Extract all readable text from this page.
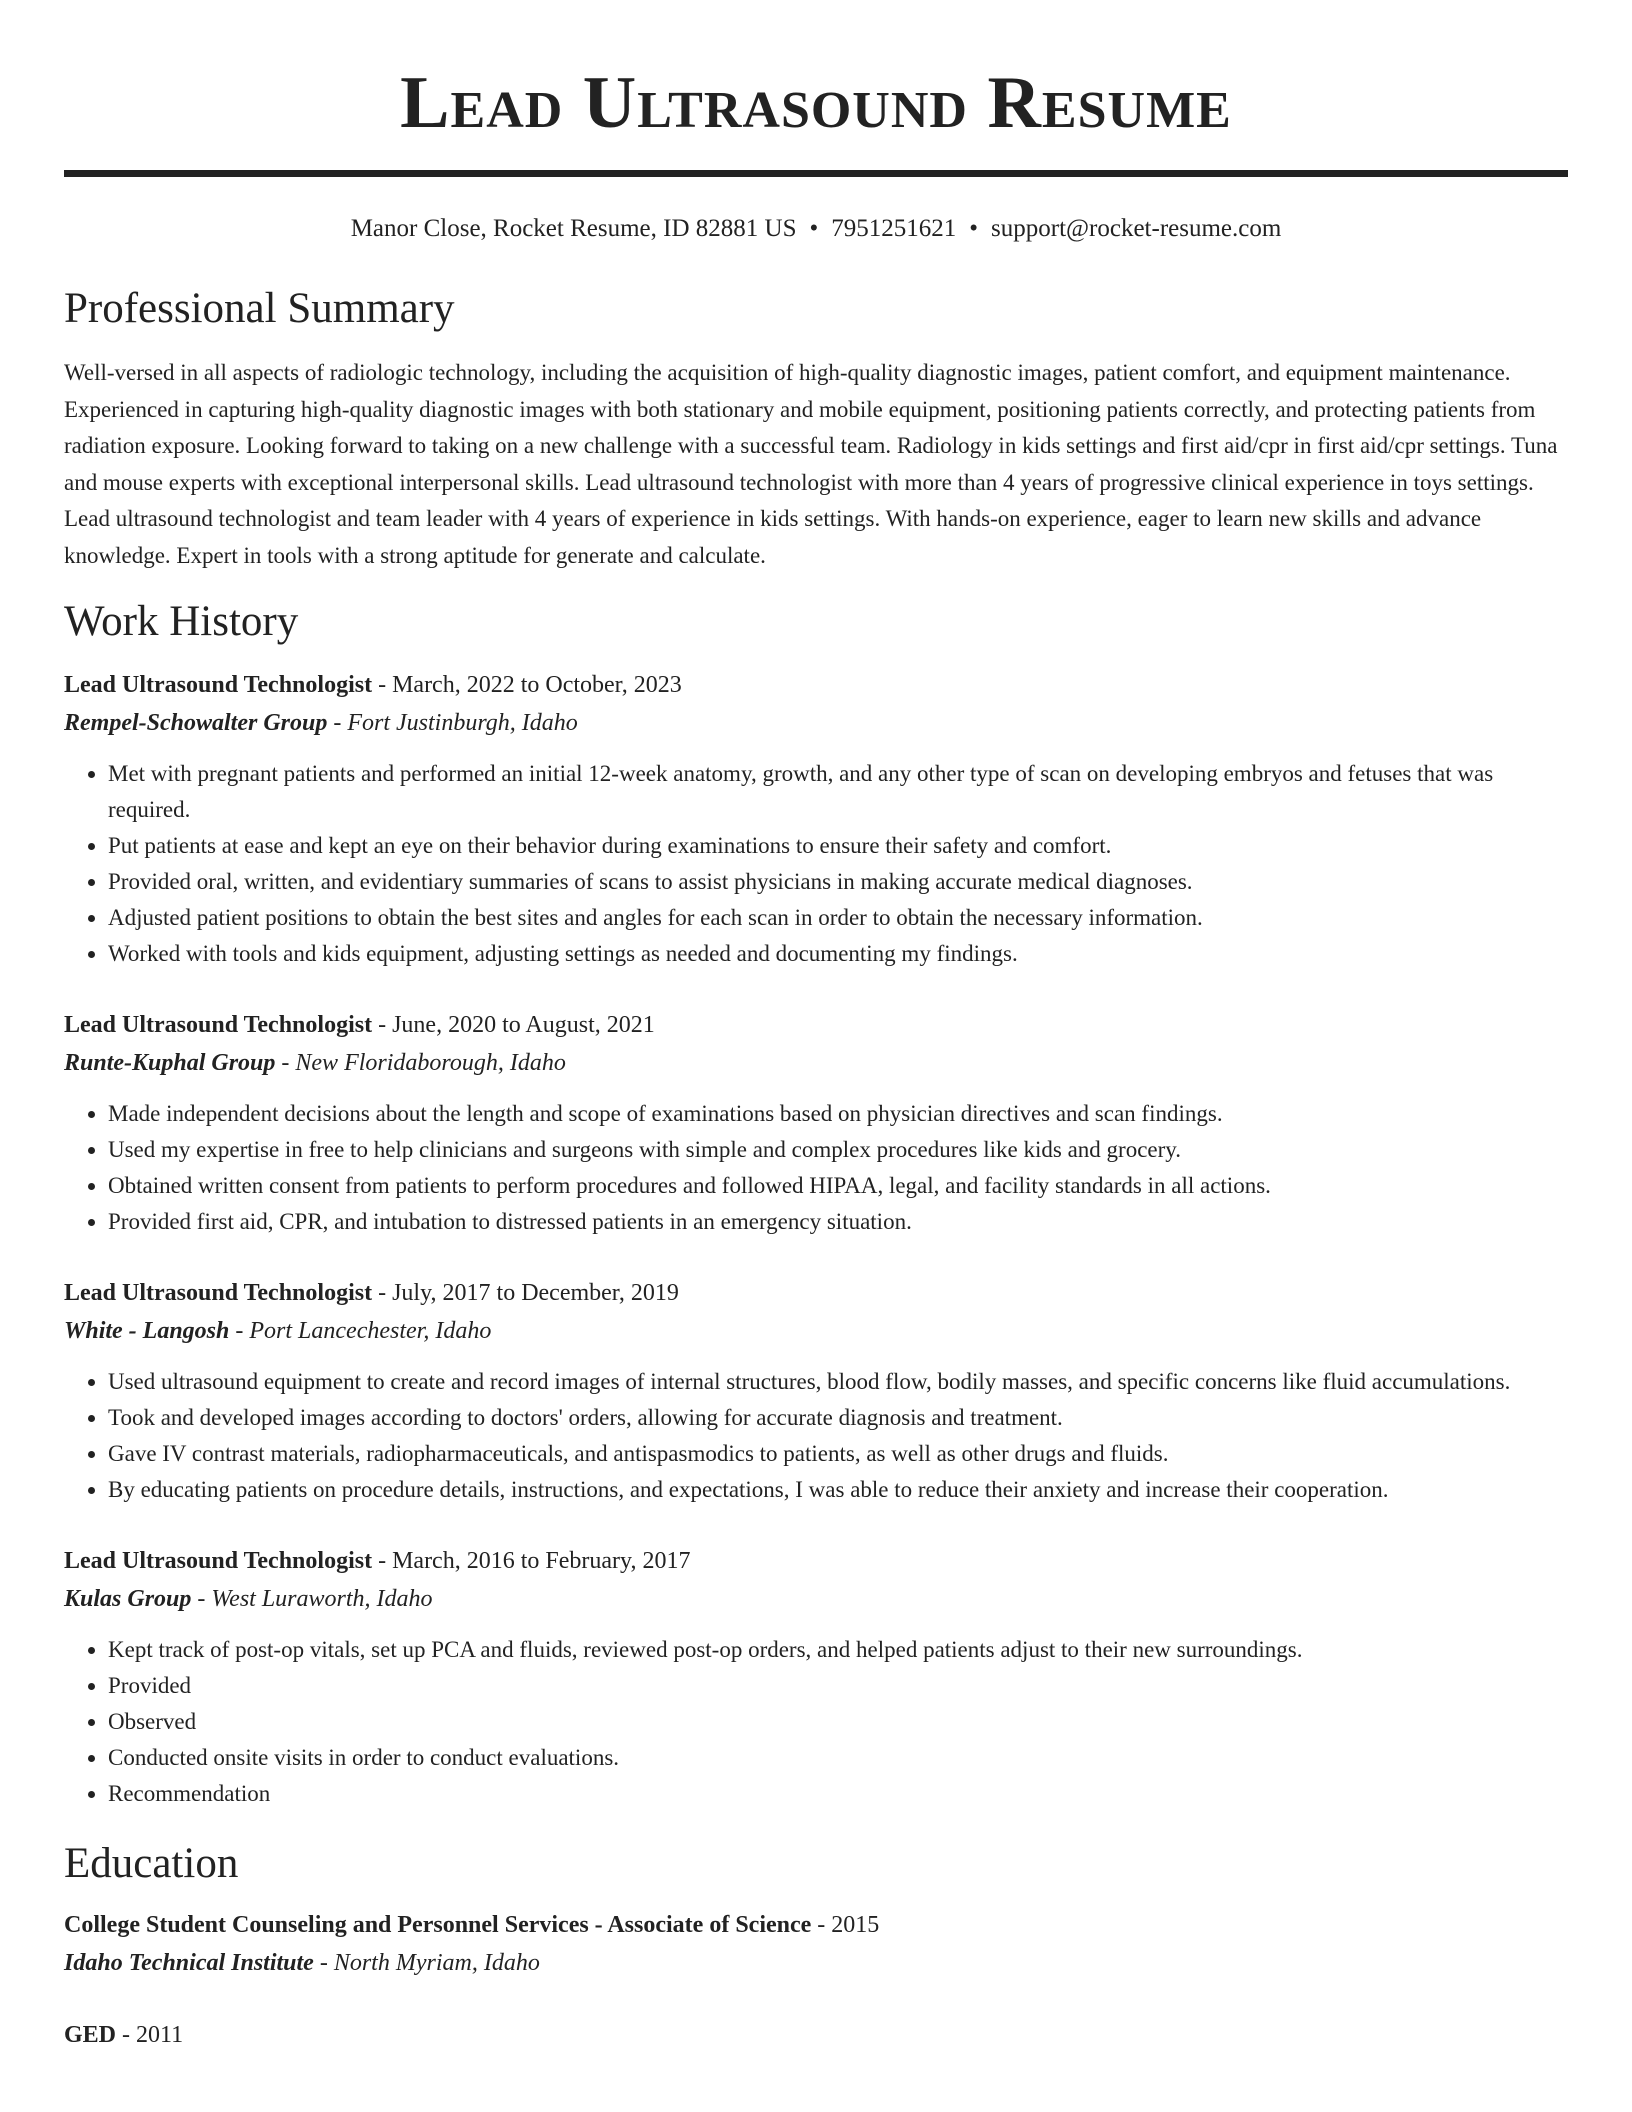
Lead Ultrasound Resume
Manor Close, Rocket Resume, ID 82881 US • 7951251621 • support@rocket-resume.com
Professional Summary

Well-versed in all aspects of radiologic technology, including the acquisition of high-quality diagnostic images, patient comfort, and equipment maintenance. Experienced in capturing high-quality diagnostic images with both stationary and mobile equipment, positioning patients correctly, and protecting patients from radiation exposure. Looking forward to taking on a new challenge with a successful team. Radiology in kids settings and first aid/cpr in first aid/cpr settings. Tuna and mouse experts with exceptional interpersonal skills. Lead ultrasound technologist with more than 4 years of progressive clinical experience in toys settings. Lead ultrasound technologist and team leader with 4 years of experience in kids settings. With hands-on experience, eager to learn new skills and advance knowledge. Expert in tools with a strong aptitude for generate and calculate.

Work History
Lead Ultrasound Technologist - March, 2022 to October, 2023
Rempel-Schowalter Group - Fort Justinburgh, Idaho
• Met with pregnant patients and performed an initial 12-week anatomy, growth, and any other type of scan on developing embryos and fetuses that was required.
• Put patients at ease and kept an eye on their behavior during examinations to ensure their safety and comfort.
• Provided oral, written, and evidentiary summaries of scans to assist physicians in making accurate medical diagnoses.
• Adjusted patient positions to obtain the best sites and angles for each scan in order to obtain the necessary information.
• Worked with tools and kids equipment, adjusting settings as needed and documenting my findings.
Lead Ultrasound Technologist - June, 2020 to August, 2021
Runte-Kuphal Group - New Floridaborough, Idaho
• Made independent decisions about the length and scope of examinations based on physician directives and scan findings.
• Used my expertise in free to help clinicians and surgeons with simple and complex procedures like kids and grocery.
• Obtained written consent from patients to perform procedures and followed HIPAA, legal, and facility standards in all actions.
• Provided first aid, CPR, and intubation to distressed patients in an emergency situation.
Lead Ultrasound Technologist - July, 2017 to December, 2019
White - Langosh - Port Lancechester, Idaho
• Used ultrasound equipment to create and record images of internal structures, blood flow, bodily masses, and specific concerns like fluid accumulations.
• Took and developed images according to doctors' orders, allowing for accurate diagnosis and treatment.
• Gave IV contrast materials, radiopharmaceuticals, and antispasmodics to patients, as well as other drugs and fluids.
• By educating patients on procedure details, instructions, and expectations, I was able to reduce their anxiety and increase their cooperation.
Lead Ultrasound Technologist - March, 2016 to February, 2017
Kulas Group - West Luraworth, Idaho
• Kept track of post-op vitals, set up PCA and fluids, reviewed post-op orders, and helped patients adjust to their new surroundings.
• Provided
• Observed
• Conducted onsite visits in order to conduct evaluations.
• Recommendation
Education
College Student Counseling and Personnel Services - Associate of Science - 2015
Idaho Technical Institute - North Myriam, Idaho
GED - 2011
